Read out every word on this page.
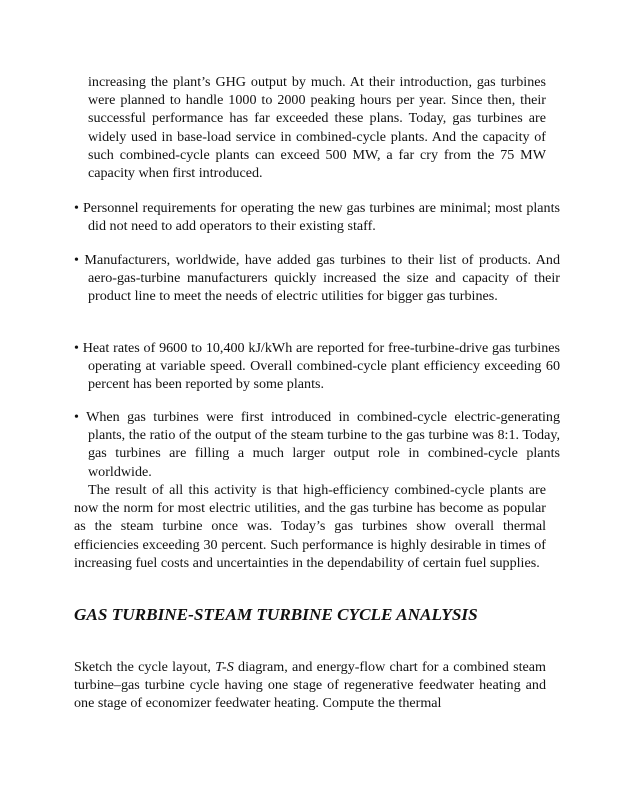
increasing the plant’s GHG output by much. At their introduction, gas turbines were planned to handle 1000 to 2000 peaking hours per year. Since then, their successful performance has far exceeded these plans. Today, gas turbines are widely used in base-load service in combined-cycle plants. And the capacity of such combined-cycle plants can exceed 500 MW, a far cry from the 75 MW capacity when first introduced.

• Personnel requirements for operating the new gas turbines are minimal; most plants did not need to add operators to their existing staff.

• Manufacturers, worldwide, have added gas turbines to their list of products. And aero-gas-turbine manufacturers quickly increased the size and capacity of their product line to meet the needs of electric utilities for bigger gas turbines.

• Heat rates of 9600 to 10,400 kJ/kWh are reported for free-turbine-drive gas turbines operating at variable speed. Overall combined-cycle plant efficiency exceeding 60 percent has been reported by some plants.

• When gas turbines were first introduced in combined-cycle electric-generating plants, the ratio of the output of the steam turbine to the gas turbine was 8:1. Today, gas turbines are filling a much larger output role in combined-cycle plants worldwide.

The result of all this activity is that high-efficiency combined-cycle plants are now the norm for most electric utilities, and the gas turbine has become as popular as the steam turbine once was. Today’s gas turbines show overall thermal efficiencies exceeding 30 percent. Such performance is highly desirable in times of increasing fuel costs and uncertainties in the dependability of certain fuel supplies.

GAS TURBINE-STEAM TURBINE CYCLE ANALYSIS

Sketch the cycle layout, T-S diagram, and energy-flow chart for a combined steam turbine–gas turbine cycle having one stage of regenerative feedwater heating and one stage of economizer feedwater heating. Compute the thermal
